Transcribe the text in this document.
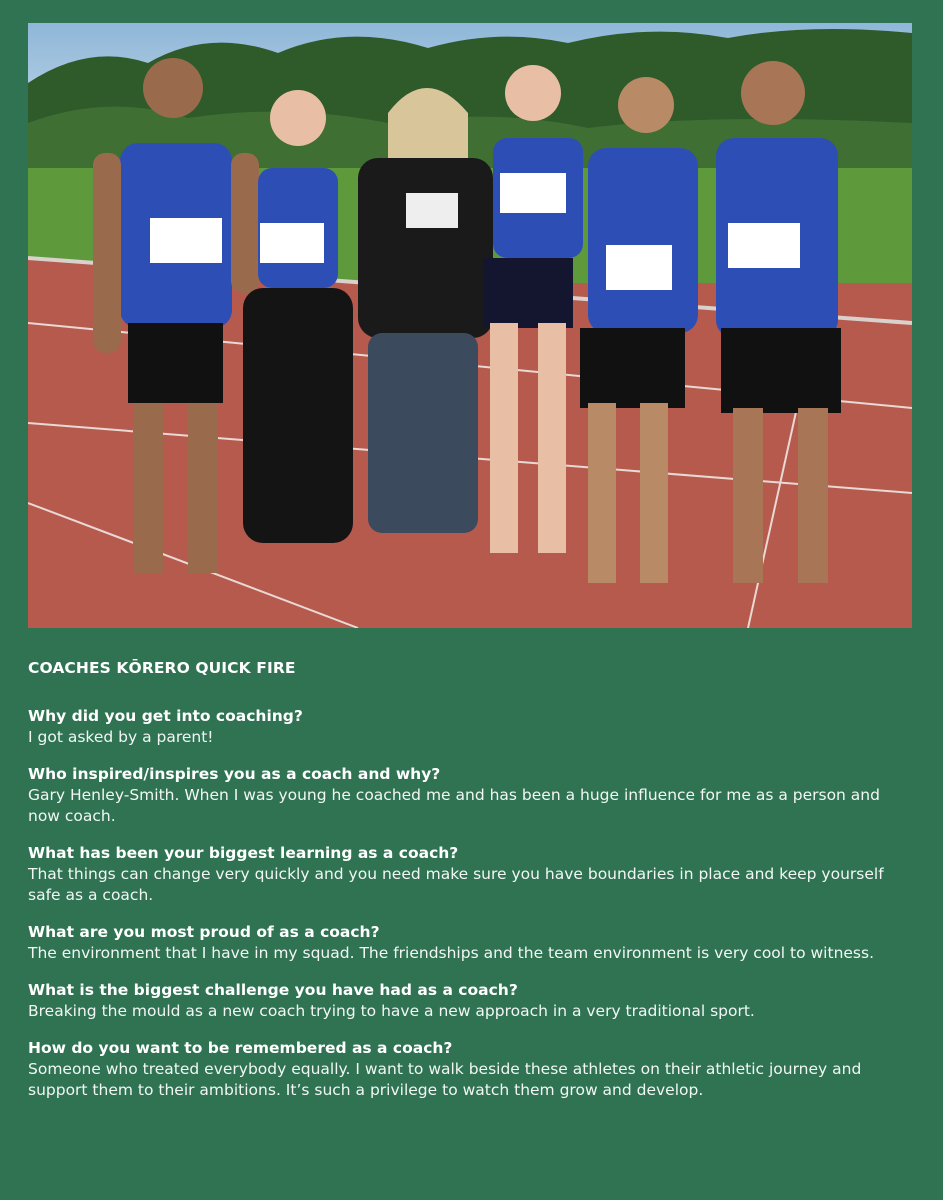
COACHES KŌRERO QUICK FIRE

Why did you get into coaching?

I got asked by a parent!

Who inspired/inspires you as a coach and why?

Gary Henley-Smith. When I was young he coached me and has been a huge influence for me as a person and now coach.

What has been your biggest learning as a coach?

That things can change very quickly and you need make sure you have boundaries in place and keep yourself safe as a coach.

What are you most proud of as a coach?

The environment that I have in my squad. The friendships and the team environment is very cool to witness.

What is the biggest challenge you have had as a coach?

Breaking the mould as a new coach trying to have a new approach in a very traditional sport.

How do you want to be remembered as a coach?

Someone who treated everybody equally. I want to walk beside these athletes on their athletic journey and support them to their ambitions. It’s such a privilege to watch them grow and develop.
